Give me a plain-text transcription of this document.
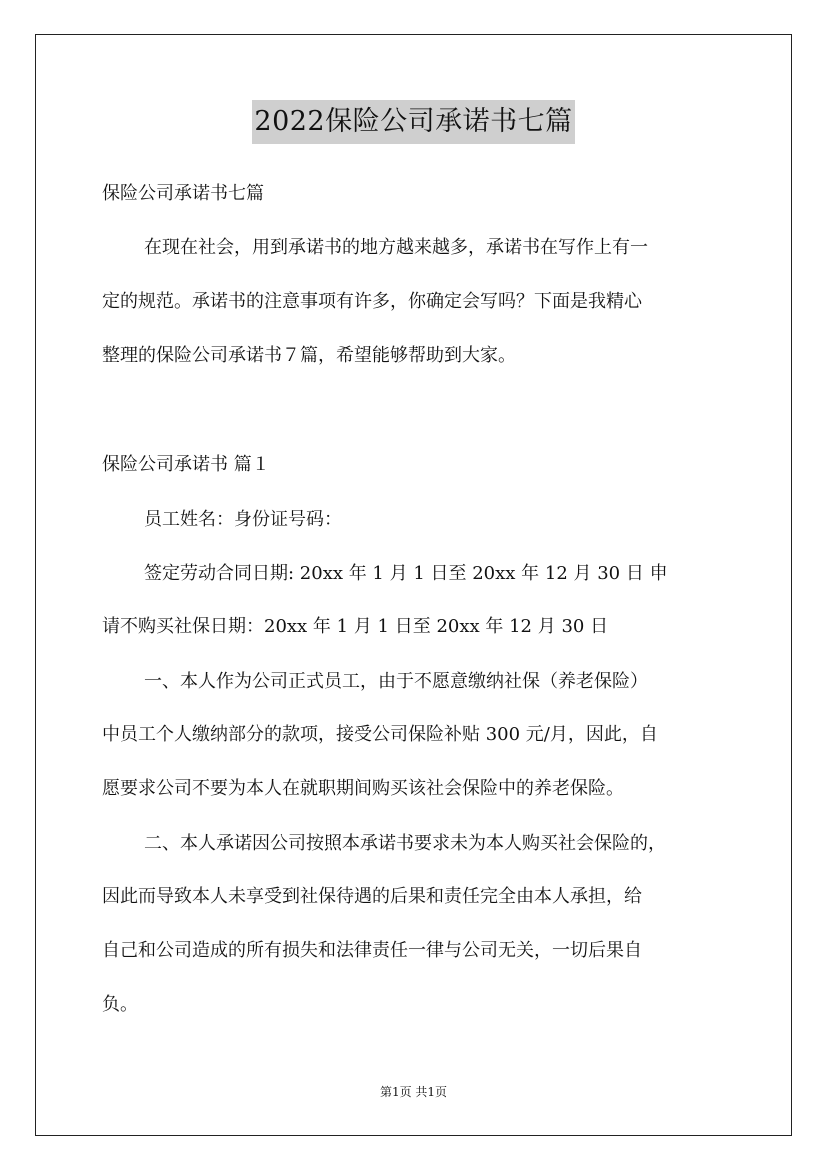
2022保险公司承诺书七篇
保险公司承诺书七篇
在现在社会，用到承诺书的地方越来越多，承诺书在写作上有一
定的规范。承诺书的注意事项有许多，你确定会写吗？下面是我精心
整理的保险公司承诺书７篇，希望能够帮助到大家。
保险公司承诺书 篇１
员工姓名：身份证号码：
签定劳动合同日期: 20xx 年 1 月 1 日至 20xx 年 12 月 30 日 申
请不购买社保日期：20xx 年 1 月 1 日至 20xx 年 12 月 30 日
一、本人作为公司正式员工，由于不愿意缴纳社保（养老保险）
中员工个人缴纳部分的款项，接受公司保险补贴 300 元/月，因此，自
愿要求公司不要为本人在就职期间购买该社会保险中的养老保险。
二、本人承诺因公司按照本承诺书要求未为本人购买社会保险的，
因此而导致本人未享受到社保待遇的后果和责任完全由本人承担，给
自己和公司造成的所有损失和法律责任一律与公司无关，一切后果自
负。
第1页 共1页
